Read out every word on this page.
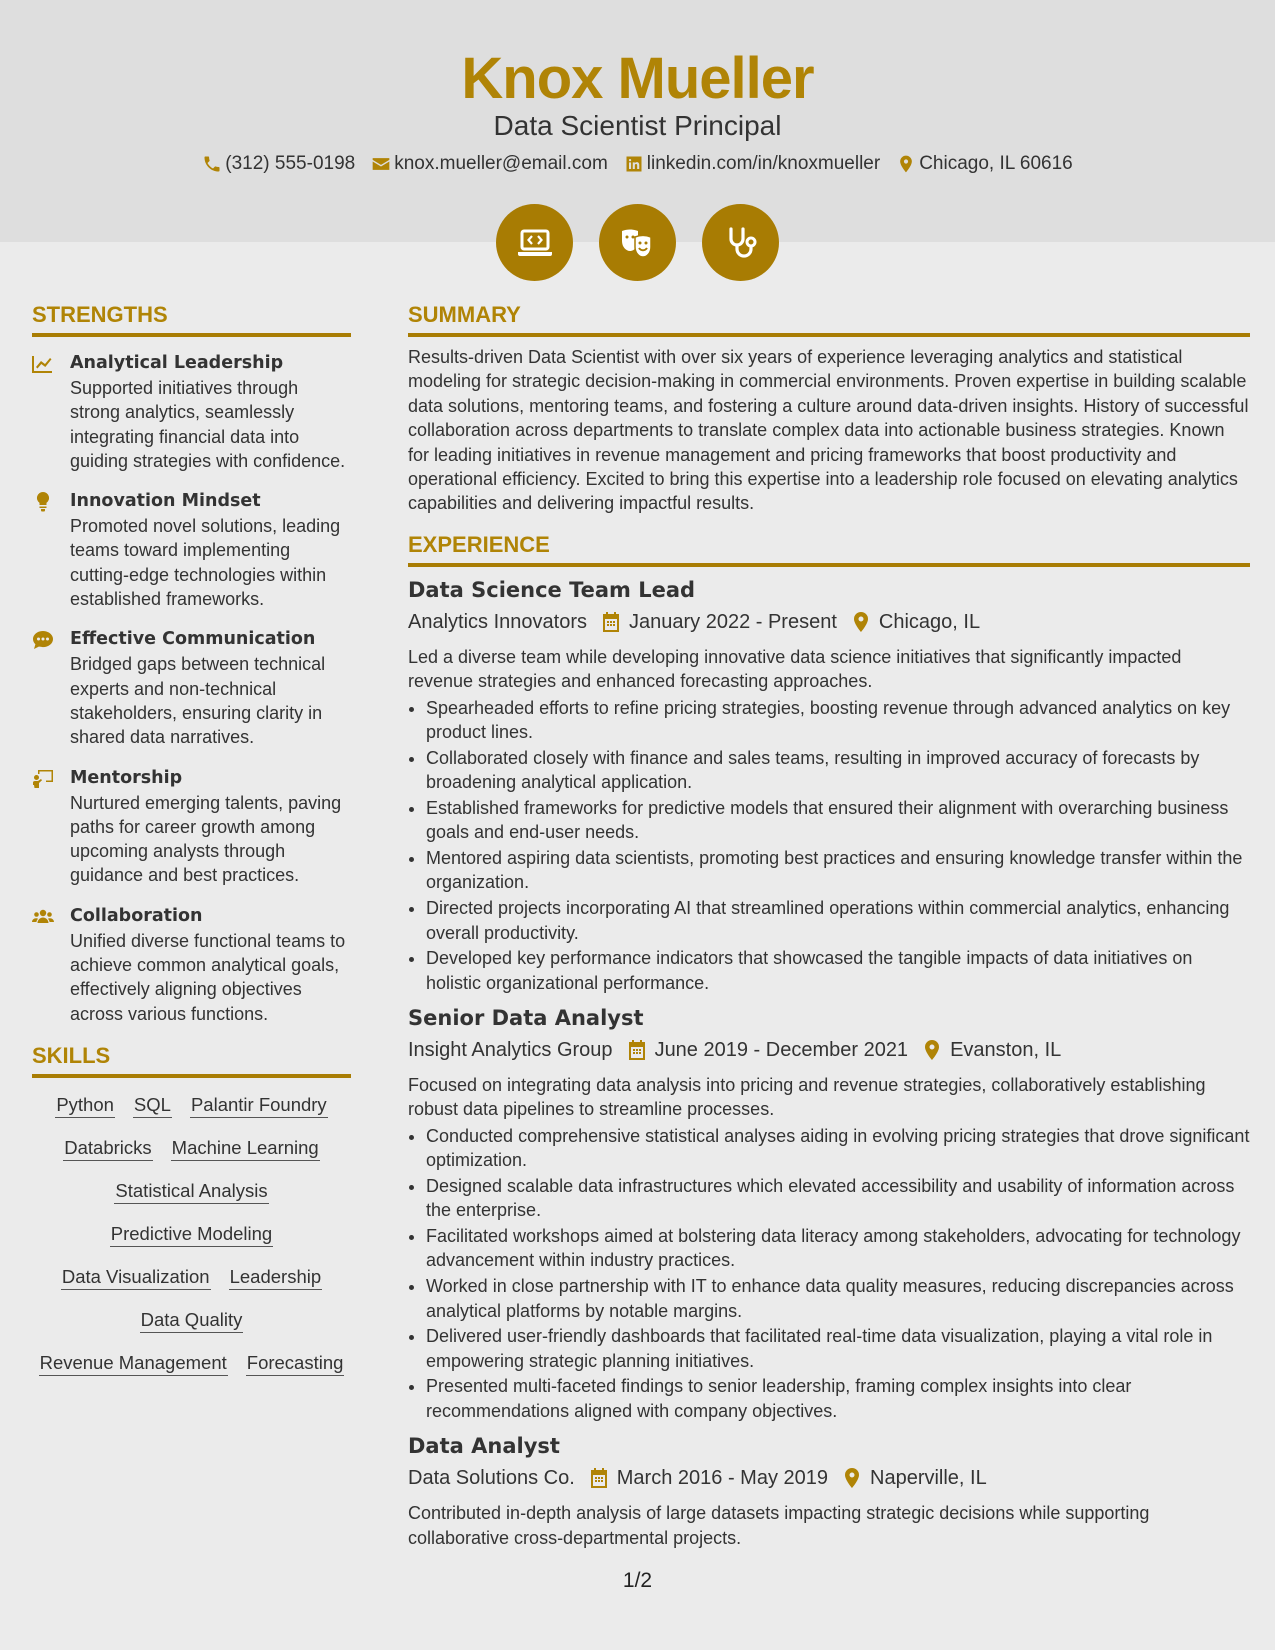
Knox Mueller
Data Scientist Principal
(312) 555-0198 knox.mueller@email.com linkedin.com/in/knoxmueller Chicago, IL 60616
STRENGTHS
Analytical Leadership
Supported initiatives through strong analytics, seamlessly integrating financial data into guiding strategies with confidence.
Innovation Mindset
Promoted novel solutions, leading teams toward implementing cutting-edge technologies within established frameworks.
Effective Communication
Bridged gaps between technical experts and non-technical stakeholders, ensuring clarity in shared data narratives.
Mentorship
Nurtured emerging talents, paving paths for career growth among upcoming analysts through guidance and best practices.
Collaboration
Unified diverse functional teams to achieve common analytical goals, effectively aligning objectives across various functions.
SKILLS
Python SQL Palantir Foundry
Databricks Machine Learning
Statistical Analysis
Predictive Modeling
Data Visualization Leadership
Data Quality
Revenue Management Forecasting
SUMMARY

Results-driven Data Scientist with over six years of experience leveraging analytics and statistical modeling for strategic decision-making in commercial environments. Proven expertise in building scalable data solutions, mentoring teams, and fostering a culture around data-driven insights. History of successful collaboration across departments to translate complex data into actionable business strategies. Known for leading initiatives in revenue management and pricing frameworks that boost productivity and operational efficiency. Excited to bring this expertise into a leadership role focused on elevating analytics capabilities and delivering impactful results.

EXPERIENCE
Data Science Team Lead
Analytics Innovators January 2022 - Present Chicago, IL
Led a diverse team while developing innovative data science initiatives that significantly impacted revenue strategies and enhanced forecasting approaches.
• Spearheaded efforts to refine pricing strategies, boosting revenue through advanced analytics on key product lines.
• Collaborated closely with finance and sales teams, resulting in improved accuracy of forecasts by broadening analytical application.
• Established frameworks for predictive models that ensured their alignment with overarching business goals and end-user needs.
• Mentored aspiring data scientists, promoting best practices and ensuring knowledge transfer within the organization.
• Directed projects incorporating AI that streamlined operations within commercial analytics, enhancing overall productivity.
• Developed key performance indicators that showcased the tangible impacts of data initiatives on holistic organizational performance.
Senior Data Analyst
Insight Analytics Group June 2019 - December 2021 Evanston, IL
Focused on integrating data analysis into pricing and revenue strategies, collaboratively establishing robust data pipelines to streamline processes.
• Conducted comprehensive statistical analyses aiding in evolving pricing strategies that drove significant optimization.
• Designed scalable data infrastructures which elevated accessibility and usability of information across the enterprise.
• Facilitated workshops aimed at bolstering data literacy among stakeholders, advocating for technology advancement within industry practices.
• Worked in close partnership with IT to enhance data quality measures, reducing discrepancies across analytical platforms by notable margins.
• Delivered user-friendly dashboards that facilitated real-time data visualization, playing a vital role in empowering strategic planning initiatives.
• Presented multi-faceted findings to senior leadership, framing complex insights into clear recommendations aligned with company objectives.
Data Analyst
Data Solutions Co. March 2016 - May 2019 Naperville, IL
Contributed in-depth analysis of large datasets impacting strategic decisions while supporting collaborative cross-departmental projects.
1/2
